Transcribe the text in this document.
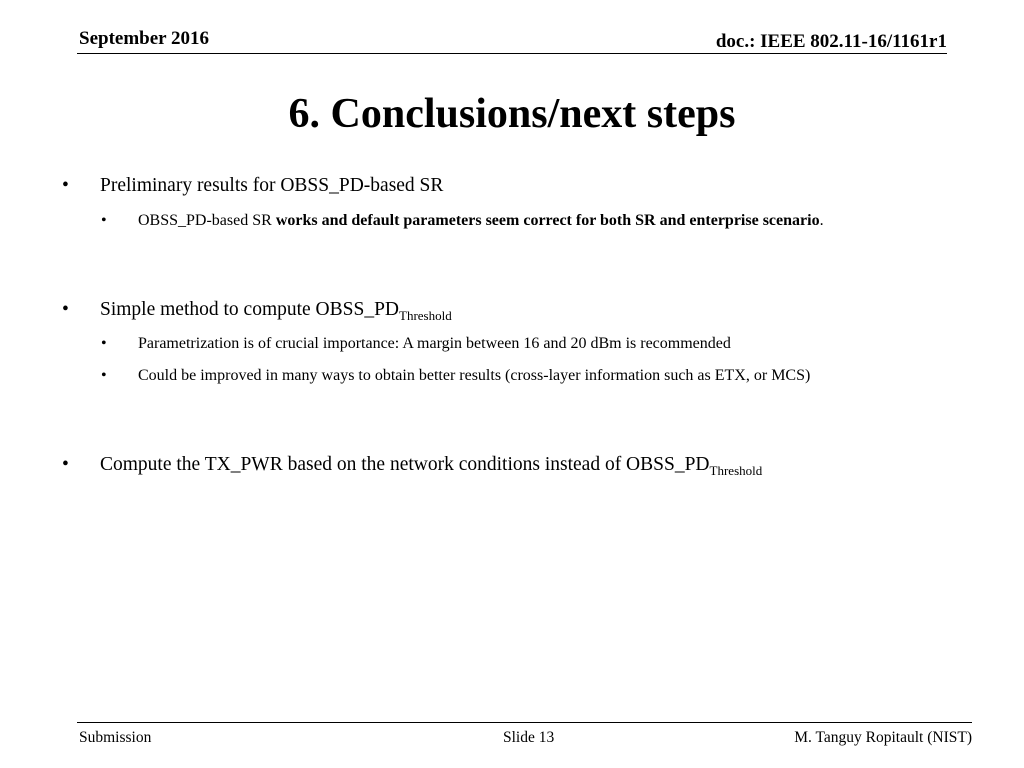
September 2016	doc.: IEEE 802.11-16/1161r1
6. Conclusions/next steps
• Preliminary results for OBSS_PD-based SR
• OBSS_PD-based SR works and default parameters seem correct for both SR and enterprise scenario.
• Simple method to compute $OBSS\_PD_{Threshold}$
• Parametrization is of crucial importance: A margin between 16 and 20 dBm is recommended
• Could be improved in many ways to obtain better results (cross-layer information such as ETX, or MCS)
• Compute the TX_PWR based on the network conditions instead of $OBSS\_PD_{Threshold}$
Submission	Slide 13	M. Tanguy Ropitault (NIST)
